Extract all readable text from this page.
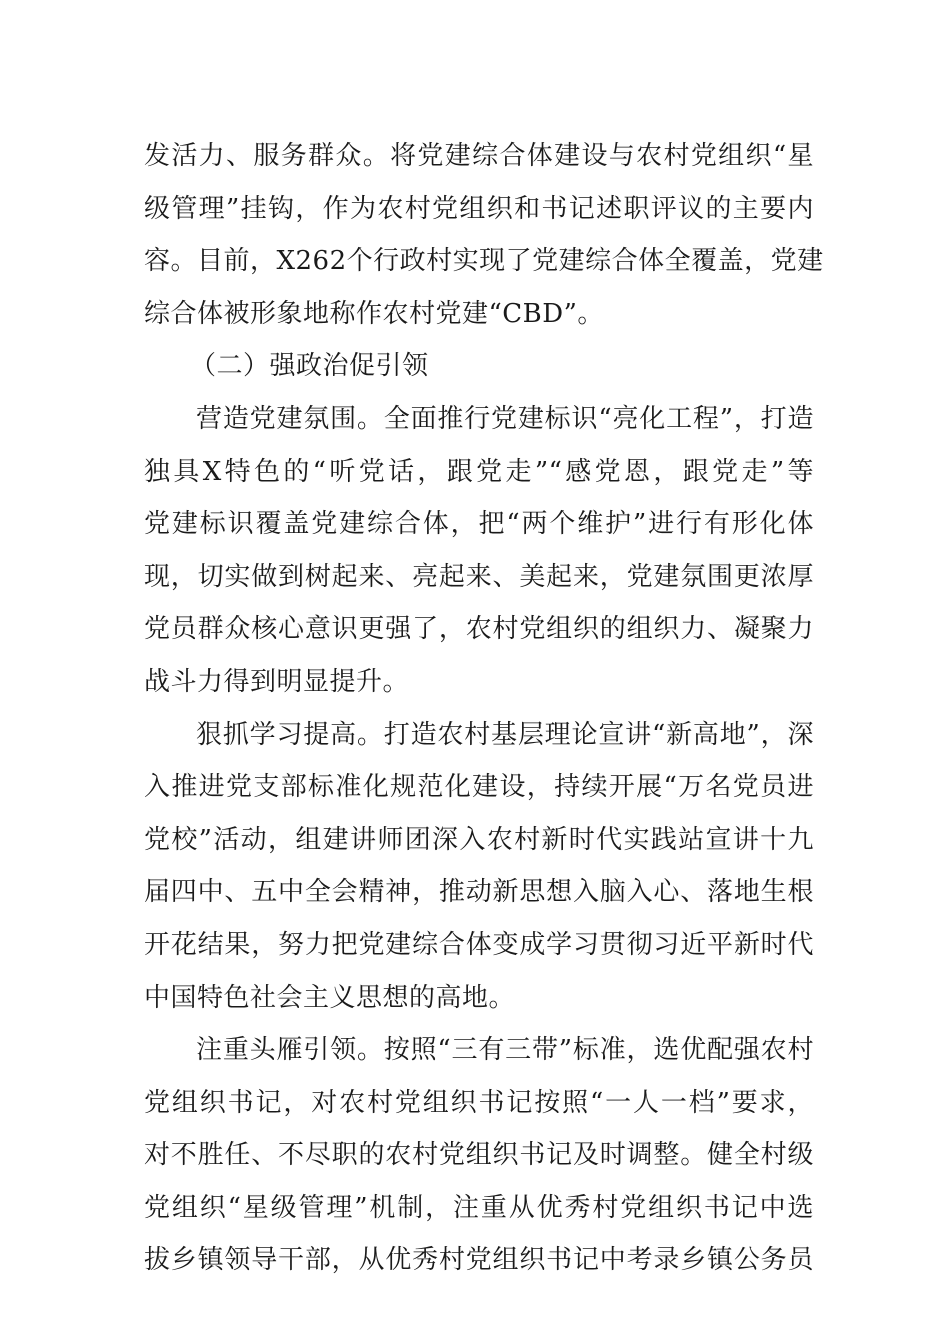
发活力、服务群众。将党建综合体建设与农村党组织“星
级管理”挂钩，作为农村党组织和书记述职评议的主要内
容。目前，X262个行政村实现了党建综合体全覆盖，党建
综合体被形象地称作农村党建“CBD”。
（二）强政治促引领
营造党建氛围。全面推行党建标识“亮化工程”，打造
独具X特色的“听党话，跟党走”“感党恩，跟党走”等
党建标识覆盖党建综合体，把“两个维护”进行有形化体
现，切实做到树起来、亮起来、美起来，党建氛围更浓厚
党员群众核心意识更强了，农村党组织的组织力、凝聚力
战斗力得到明显提升。
狠抓学习提高。打造农村基层理论宣讲“新高地”，深
入推进党支部标准化规范化建设，持续开展“万名党员进
党校”活动，组建讲师团深入农村新时代实践站宣讲十九
届四中、五中全会精神，推动新思想入脑入心、落地生根
开花结果，努力把党建综合体变成学习贯彻习近平新时代
中国特色社会主义思想的高地。
注重头雁引领。按照“三有三带”标准，选优配强农村
党组织书记，对农村党组织书记按照“一人一档”要求，
对不胜任、不尽职的农村党组织书记及时调整。健全村级
党组织“星级管理”机制，注重从优秀村党组织书记中选
拔乡镇领导干部，从优秀村党组织书记中考录乡镇公务员
